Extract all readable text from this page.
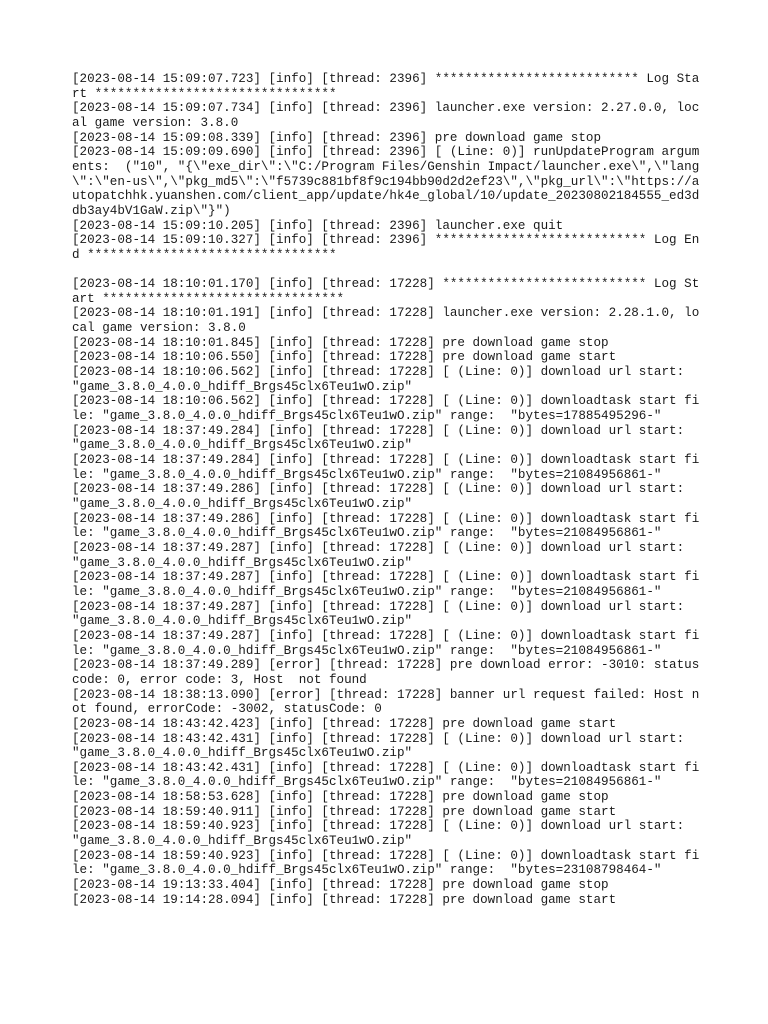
[2023-08-14 15:09:07.723] [info] [thread: 2396] *************************** Log Start ********************************

[2023-08-14 15:09:07.734] [info] [thread: 2396] launcher.exe version: 2.27.0.0, local game version: 3.8.0

[2023-08-14 15:09:08.339] [info] [thread: 2396] pre download game stop

[2023-08-14 15:09:09.690] [info] [thread: 2396] [ (Line: 0)] runUpdateProgram arguments:  ("10", "{\"exe_dir\":\"C:/Program Files/Genshin Impact/launcher.exe\",\"lang\":\"en-us\",\"pkg_md5\":\"f5739c881bf8f9c194bb90d2d2ef23\",\"pkg_url\":\"https://autopatchhk.yuanshen.com/client_app/update/hk4e_global/10/update_20230802184555_ed3ddb3ay4bV1GaW.zip\"}")

[2023-08-14 15:09:10.205] [info] [thread: 2396] launcher.exe quit

[2023-08-14 15:09:10.327] [info] [thread: 2396] **************************** Log End *********************************

[2023-08-14 18:10:01.170] [info] [thread: 17228] *************************** Log Start ********************************

[2023-08-14 18:10:01.191] [info] [thread: 17228] launcher.exe version: 2.28.1.0, local game version: 3.8.0

[2023-08-14 18:10:01.845] [info] [thread: 17228] pre download game stop

[2023-08-14 18:10:06.550] [info] [thread: 17228] pre download game start

[2023-08-14 18:10:06.562] [info] [thread: 17228] [ (Line: 0)] download url start: "game_3.8.0_4.0.0_hdiff_Brgs45clx6Teu1wO.zip"

[2023-08-14 18:10:06.562] [info] [thread: 17228] [ (Line: 0)] downloadtask start file: "game_3.8.0_4.0.0_hdiff_Brgs45clx6Teu1wO.zip" range:  "bytes=17885495296-"

[2023-08-14 18:37:49.284] [info] [thread: 17228] [ (Line: 0)] download url start: "game_3.8.0_4.0.0_hdiff_Brgs45clx6Teu1wO.zip"

[2023-08-14 18:37:49.284] [info] [thread: 17228] [ (Line: 0)] downloadtask start file: "game_3.8.0_4.0.0_hdiff_Brgs45clx6Teu1wO.zip" range:  "bytes=21084956861-"

[2023-08-14 18:37:49.286] [info] [thread: 17228] [ (Line: 0)] download url start: "game_3.8.0_4.0.0_hdiff_Brgs45clx6Teu1wO.zip"

[2023-08-14 18:37:49.286] [info] [thread: 17228] [ (Line: 0)] downloadtask start file: "game_3.8.0_4.0.0_hdiff_Brgs45clx6Teu1wO.zip" range:  "bytes=21084956861-"

[2023-08-14 18:37:49.287] [info] [thread: 17228] [ (Line: 0)] download url start: "game_3.8.0_4.0.0_hdiff_Brgs45clx6Teu1wO.zip"

[2023-08-14 18:37:49.287] [info] [thread: 17228] [ (Line: 0)] downloadtask start file: "game_3.8.0_4.0.0_hdiff_Brgs45clx6Teu1wO.zip" range:  "bytes=21084956861-"

[2023-08-14 18:37:49.287] [info] [thread: 17228] [ (Line: 0)] download url start: "game_3.8.0_4.0.0_hdiff_Brgs45clx6Teu1wO.zip"

[2023-08-14 18:37:49.287] [info] [thread: 17228] [ (Line: 0)] downloadtask start file: "game_3.8.0_4.0.0_hdiff_Brgs45clx6Teu1wO.zip" range:  "bytes=21084956861-"

[2023-08-14 18:37:49.289] [error] [thread: 17228] pre download error: -3010: status code: 0, error code: 3, Host  not found

[2023-08-14 18:38:13.090] [error] [thread: 17228] banner url request failed: Host not found, errorCode: -3002, statusCode: 0

[2023-08-14 18:43:42.423] [info] [thread: 17228] pre download game start

[2023-08-14 18:43:42.431] [info] [thread: 17228] [ (Line: 0)] download url start: "game_3.8.0_4.0.0_hdiff_Brgs45clx6Teu1wO.zip"

[2023-08-14 18:43:42.431] [info] [thread: 17228] [ (Line: 0)] downloadtask start file: "game_3.8.0_4.0.0_hdiff_Brgs45clx6Teu1wO.zip" range:  "bytes=21084956861-"

[2023-08-14 18:58:53.628] [info] [thread: 17228] pre download game stop

[2023-08-14 18:59:40.911] [info] [thread: 17228] pre download game start

[2023-08-14 18:59:40.923] [info] [thread: 17228] [ (Line: 0)] download url start: "game_3.8.0_4.0.0_hdiff_Brgs45clx6Teu1wO.zip"

[2023-08-14 18:59:40.923] [info] [thread: 17228] [ (Line: 0)] downloadtask start file: "game_3.8.0_4.0.0_hdiff_Brgs45clx6Teu1wO.zip" range:  "bytes=23108798464-"

[2023-08-14 19:13:33.404] [info] [thread: 17228] pre download game stop

[2023-08-14 19:14:28.094] [info] [thread: 17228] pre download game start
